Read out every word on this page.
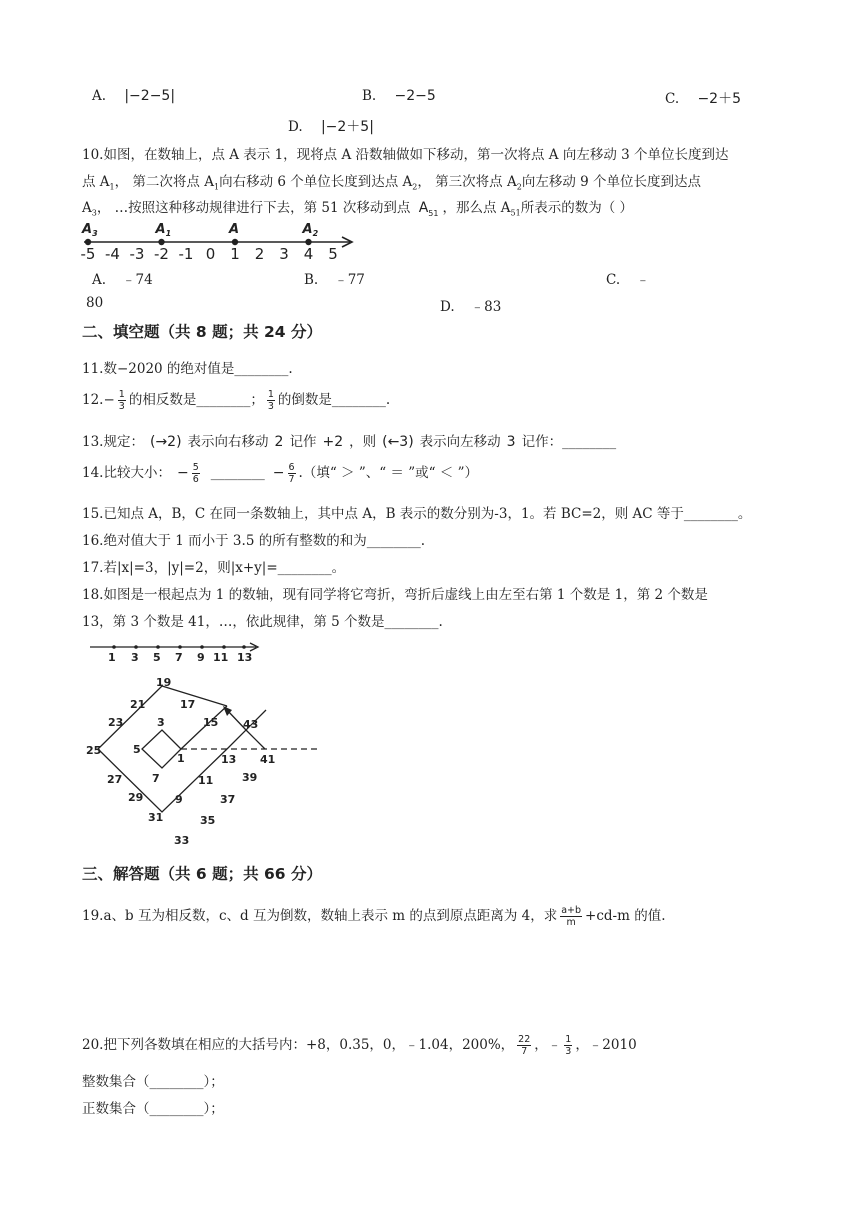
A. |−2−5|	B. −2−5	C. −2＋5
D. |−2＋5|
10.如图，在数轴上，点 A 表示 1，现将点 A 沿数轴做如下移动，第一次将点 A 向左移动 3 个单位长度到达
点 $A_1$， 第二次将点 $A_1$向右移动 6 个单位长度到达点 $A_2$， 第三次将点 $A_2$向左移动 9 个单位长度到达点
$A_3$， …按照这种移动规律进行下去，第 51 次移动到点 $A_{51}$ ，那么点 $A_{51}$所表示的数为（ ）
-5 -4 -3 -2 -1 0 1 2 3 4 5
$A_3$	$A_1$	A	$A_2$
A. ﹣74	B. ﹣77	C. ﹣
80	D. ﹣83
二、填空题（共 8 题；共 24 分）
11.数−2020 的绝对值是________.
$12.- \frac{1}{3}$ 的相反数是________； $\frac{1}{3}$ 的倒数是________.
13.规定： (→2) 表示向右移动 2 记作 +2 ，则 (←3) 表示向左移动 3 记作：________
14.比较大小： − $\frac{5}{6}$ ________ − $\frac{6}{7}$ .（填“ ＞ ”、“ ＝ ”或“ ＜ ”）
15.已知点 A，B，C 在同一条数轴上，其中点 A，B 表示的数分别为-3，1。若 BC=2，则 AC 等于________。
16.绝对值大于 1 而小于 3.5 的所有整数的和为________.
17.若|x|=3，|y|=2，则|x+y|=________。
18.如图是一根起点为 1 的数轴，现有同学将它弯折，弯折后虚线上由左至右第 1 个数是 1，第 2 个数是
13，第 3 个数是 41，…，依此规律，第 5 个数是________.
1 3 5 7 9 11 13
19
21	17
23	3	15 43
25	5
1	13 41
27	7	11	39
29	9	37
31	35
33
三、解答题（共 6 题；共 66 分）
19.a、b 互为相反数，c、d 互为倒数，数轴上表示 m 的点到原点距离为 4，求 $\frac{a+b}{m} +cd-m$ 的值.
20.把下列各数填在相应的大括号内：+8，0.35，0，﹣1.04，200%， $\frac{22}{7}$ ，﹣ $\frac{1}{3}$ ，﹣2010
整数集合（________）；
正数集合（________）；
